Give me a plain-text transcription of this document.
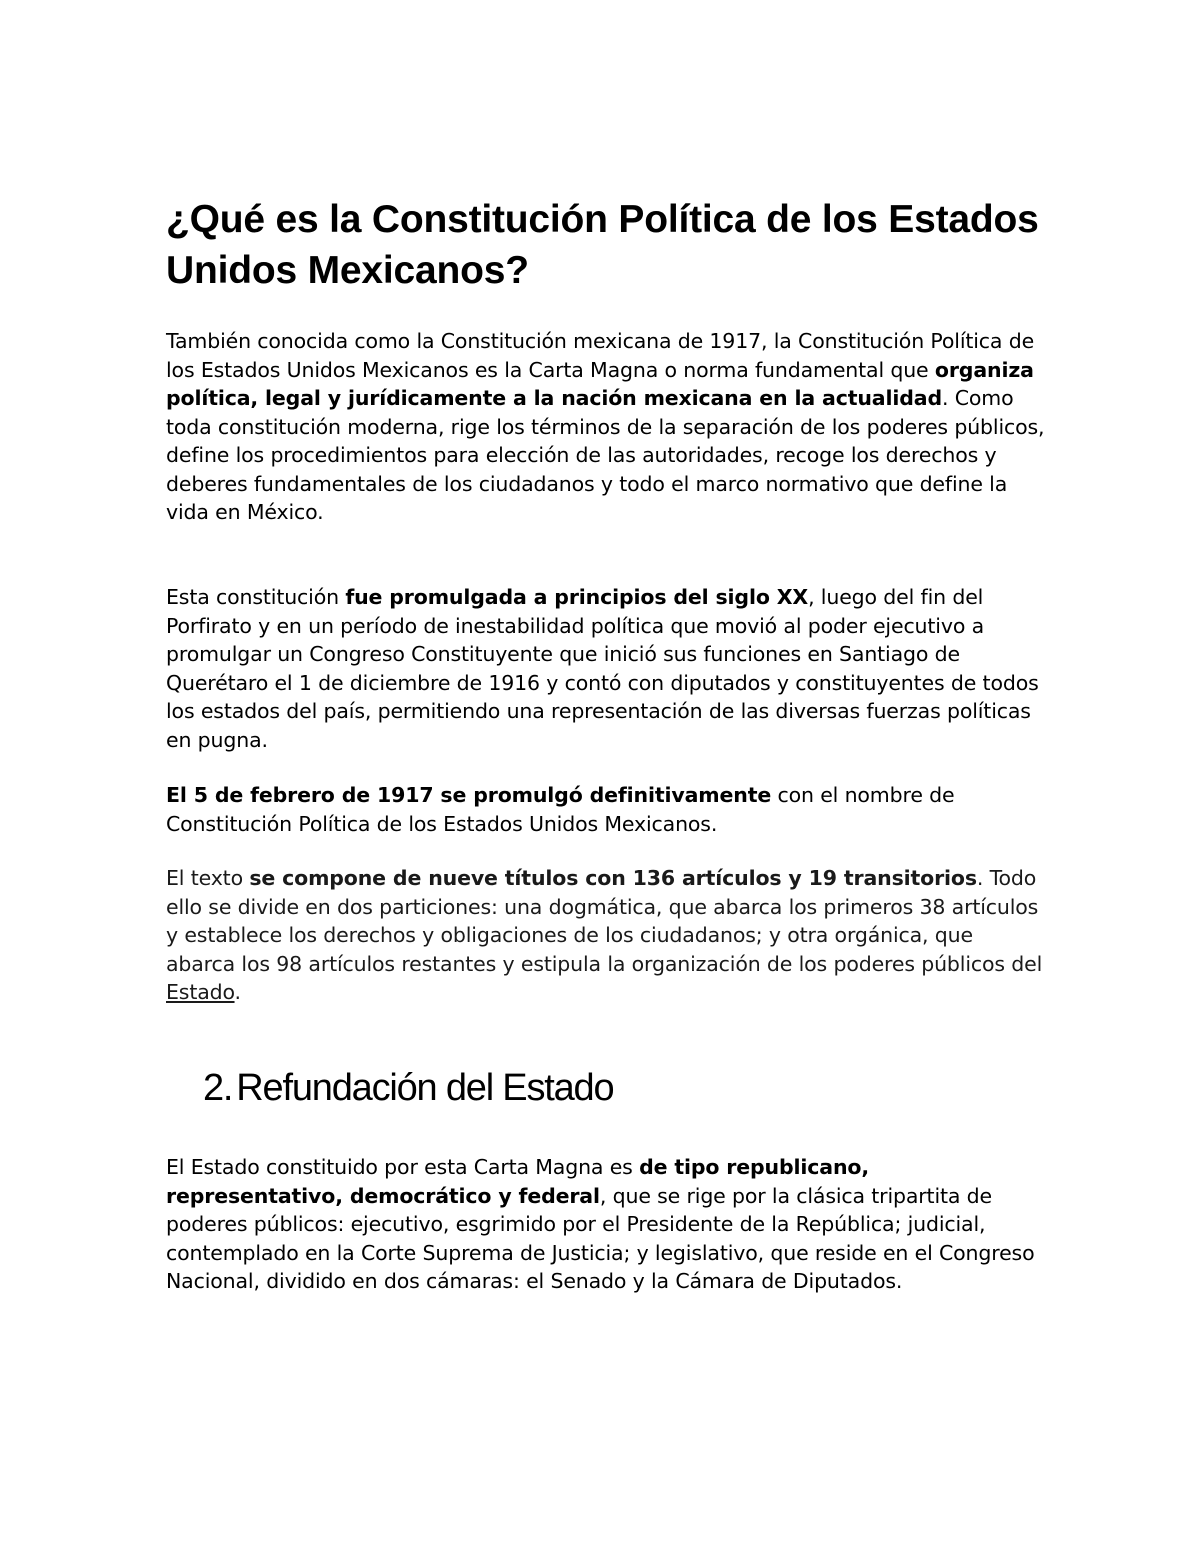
¿Qué es la Constitución Política de los Estados Unidos Mexicanos?

También conocida como la Constitución mexicana de 1917, la Constitución Política de los Estados Unidos Mexicanos es la Carta Magna o norma fundamental que organiza política, legal y jurídicamente a la nación mexicana en la actualidad. Como toda constitución moderna, rige los términos de la separación de los poderes públicos, define los procedimientos para elección de las autoridades, recoge los derechos y deberes fundamentales de los ciudadanos y todo el marco normativo que define la vida en México.

Esta constitución fue promulgada a principios del siglo XX, luego del fin del Porfirato y en un período de inestabilidad política que movió al poder ejecutivo a promulgar un Congreso Constituyente que inició sus funciones en Santiago de Querétaro el 1 de diciembre de 1916 y contó con diputados y constituyentes de todos los estados del país, permitiendo una representación de las diversas fuerzas políticas en pugna.

El 5 de febrero de 1917 se promulgó definitivamente con el nombre de Constitución Política de los Estados Unidos Mexicanos.

El texto se compone de nueve títulos con 136 artículos y 19 transitorios. Todo ello se divide en dos particiones: una dogmática, que abarca los primeros 38 artículos y establece los derechos y obligaciones de los ciudadanos; y otra orgánica, que abarca los 98 artículos restantes y estipula la organización de los poderes públicos del Estado.

2. Refundación del Estado

El Estado constituido por esta Carta Magna es de tipo republicano, representativo, democrático y federal, que se rige por la clásica tripartita de poderes públicos: ejecutivo, esgrimido por el Presidente de la República; judicial, contemplado en la Corte Suprema de Justicia; y legislativo, que reside en el Congreso Nacional, dividido en dos cámaras: el Senado y la Cámara de Diputados.
